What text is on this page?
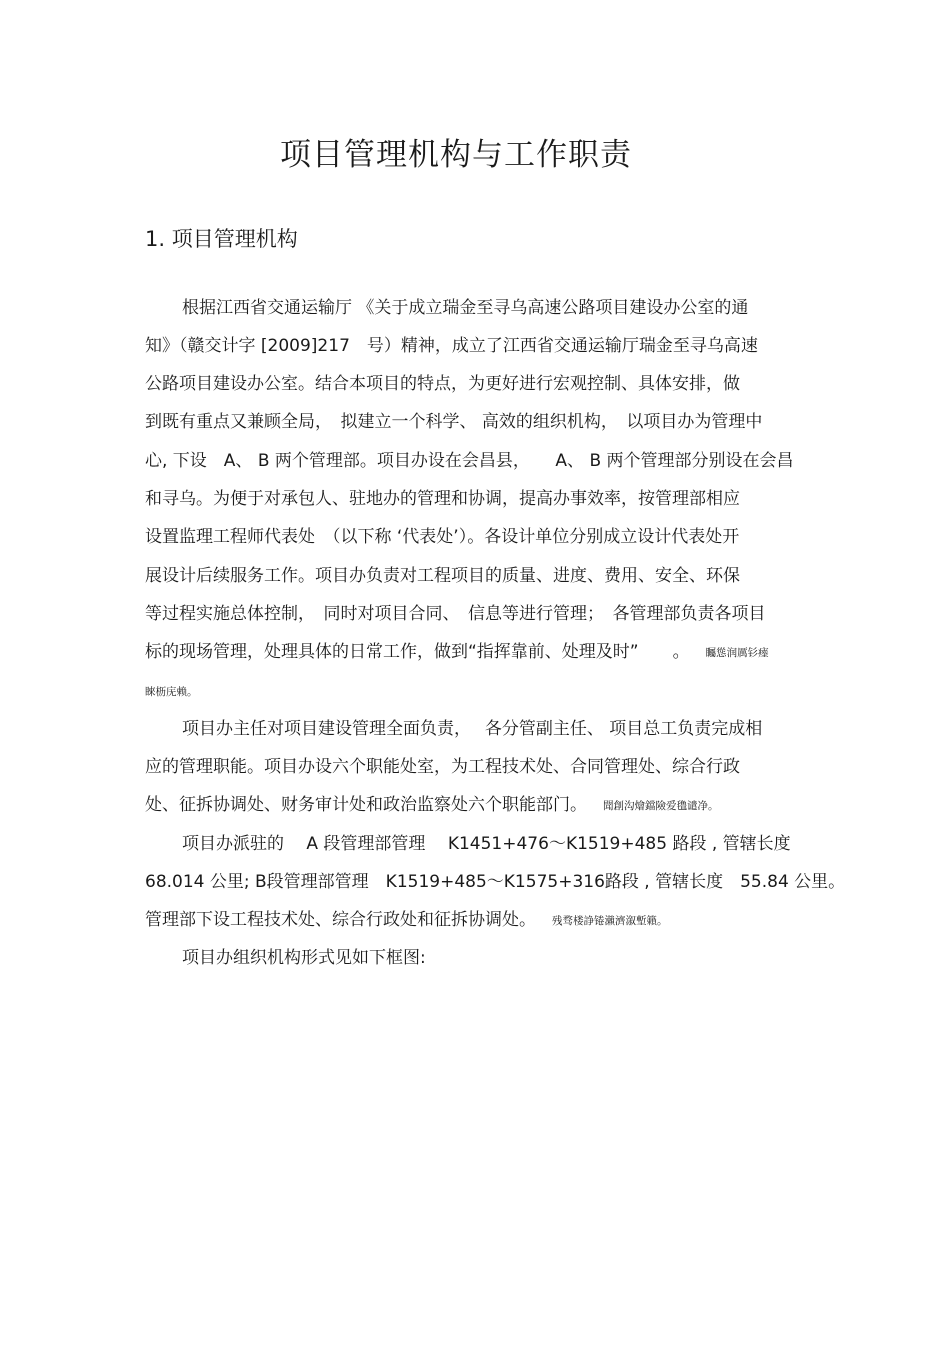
项目管理机构与工作职责
1. 项目管理机构
根据江西省交通运输厅 《关于成立瑞金至寻乌高速公路项目建设办公室的通
知》（赣交计字 [2009]217　号）精神，成立了江西省交通运输厅瑞金至寻乌高速
公路项目建设办公室。结合本项目的特点，为更好进行宏观控制、具体安排，做
到既有重点又兼顾全局，　拟建立一个科学、 高效的组织机构，　以项目办为管理中
心, 下设　A、 B 两个管理部。项目办设在会昌县，　　A、 B 两个管理部分别设在会昌
和寻乌。为便于对承包人、驻地办的管理和协调，提高办事效率，按管理部相应
设置监理工程师代表处　（以下称 ‘代表处’）。各设计单位分别成立设计代表处开
展设计后续服务工作。项目办负责对工程项目的质量、进度、费用、安全、环保
等过程实施总体控制，　同时对项目合同、　信息等进行管理；　各管理部负责各项目
标的现场管理，处理具体的日常工作，做到“指挥靠前、处理及时”　　。 矚慫润厲钐瘗
睞枥庑赖。
项目办主任对项目建设管理全面负责，　 各分管副主任、 项目总工负责完成相
应的管理职能。项目办设六个职能处室，为工程技术处、合同管理处、综合行政
处、征拆协调处、财务审计处和政治监察处六个职能部门。 聞創沟燴鐺險爱氇谴净。
项目办派驻的　 A 段管理部管理　 K1451+476～K1519+485 路段 , 管辖长度
68.014 公里; B段管理部管理　K1519+485～K1575+316路段 , 管辖长度　55.84 公里。
管理部下设工程技术处、综合行政处和征拆协调处。 残骛楼諍锩瀨濟溆塹籟。
项目办组织机构形式见如下框图:
